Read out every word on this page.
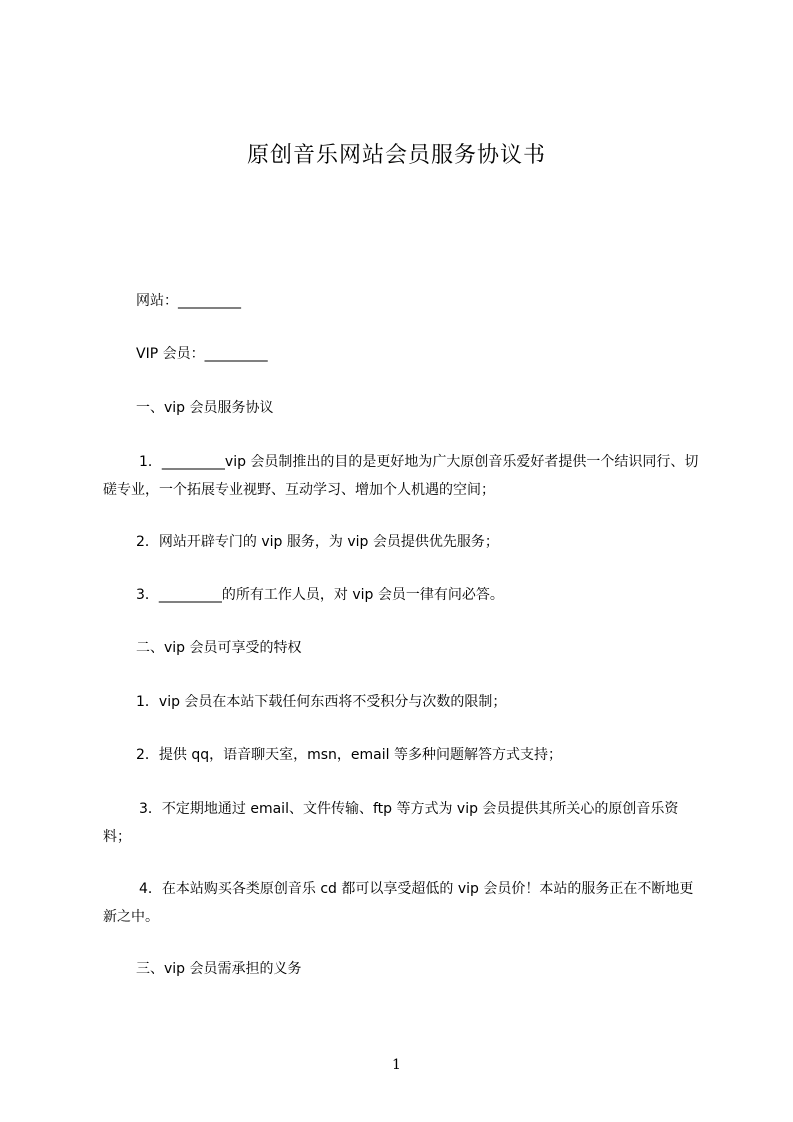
原创音乐网站会员服务协议书

网站：_________

VIP 会员：_________

一、vip 会员服务协议

1．_________vip 会员制推出的目的是更好地为广大原创音乐爱好者提供一个结识同行、切磋专业，一个拓展专业视野、互动学习、增加个人机遇的空间；

2．网站开辟专门的 vip 服务，为 vip 会员提供优先服务；

3．_________的所有工作人员，对 vip 会员一律有问必答。

二、vip 会员可享受的特权

1．vip 会员在本站下载任何东西将不受积分与次数的限制；

2．提供 qq，语音聊天室，msn，email 等多种问题解答方式支持；

3．不定期地通过 email、文件传输、ftp 等方式为 vip 会员提供其所关心的原创音乐资料；

4．在本站购买各类原创音乐 cd 都可以享受超低的 vip 会员价！本站的服务正在不断地更新之中。

三、vip 会员需承担的义务

1
